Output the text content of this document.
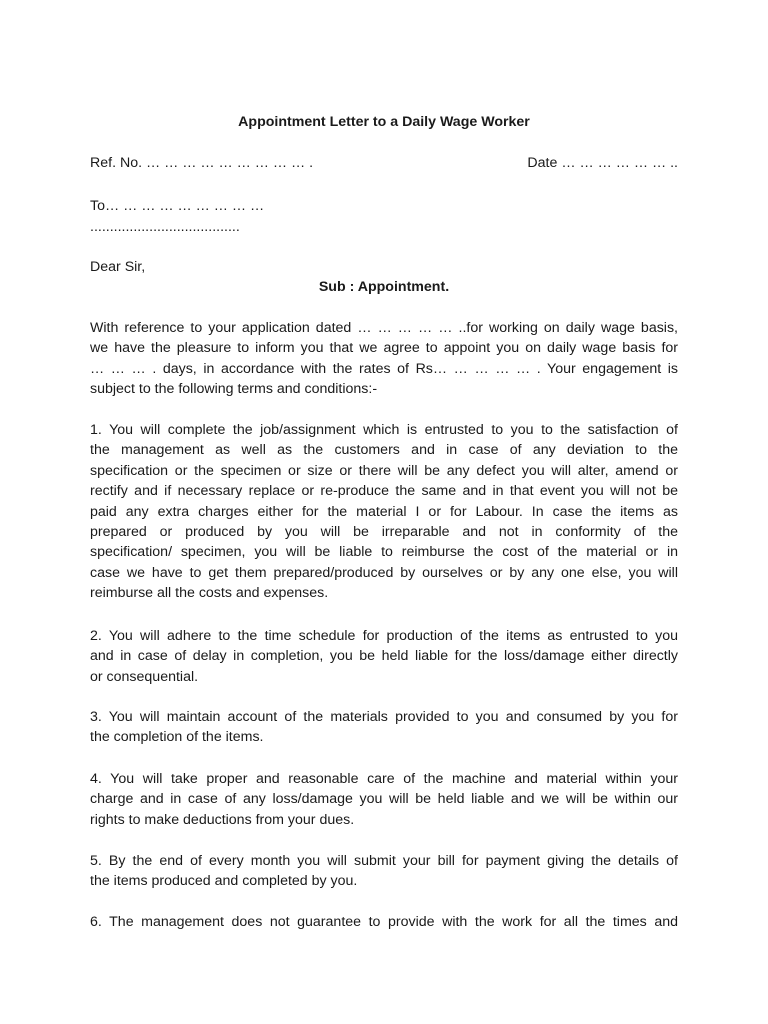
Appointment Letter to a Daily Wage Worker
Ref. No. … … … … … … … … … .	Date … … … … … … ..
To… … … … … … … … …
......................................
Dear Sir,
Sub : Appointment.
With reference to your application dated … … … … … ..for working on daily wage basis,
we have the pleasure to inform you that we agree to appoint you on daily wage basis for
… … … . days, in accordance with the rates of Rs… … … … … . Your engagement is
subject to the following terms and conditions:-
1. You will complete the job/assignment which is entrusted to you to the satisfaction of
the management as well as the customers and in case of any deviation to the
specification or the specimen or size or there will be any defect you will alter, amend or
rectify and if necessary replace or re-produce the same and in that event you will not be
paid any extra charges either for the material I or for Labour. In case the items as
prepared or produced by you will be irreparable and not in conformity of the
specification/ specimen, you will be liable to reimburse the cost of the material or in
case we have to get them prepared/produced by ourselves or by any one else, you will
reimburse all the costs and expenses.
2. You will adhere to the time schedule for production of the items as entrusted to you
and in case of delay in completion, you be held liable for the loss/damage either directly
or consequential.
3. You will maintain account of the materials provided to you and consumed by you for
the completion of the items.
4. You will take proper and reasonable care of the machine and material within your
charge and in case of any loss/damage you will be held liable and we will be within our
rights to make deductions from your dues.
5. By the end of every month you will submit your bill for payment giving the details of
the items produced and completed by you.
6. The management does not guarantee to provide with the work for all the times and
